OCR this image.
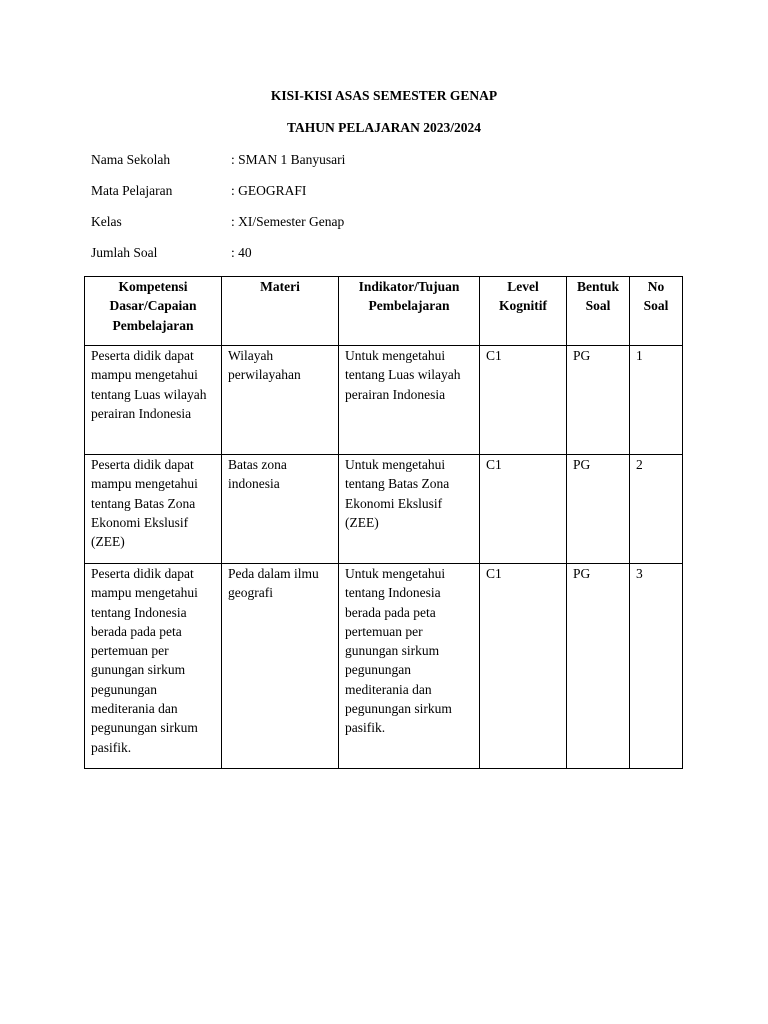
KISI-KISI ASAS SEMESTER GENAP
TAHUN PELAJARAN 2023/2024
Nama Sekolah	: SMAN 1 Banyusari
Mata Pelajaran	: GEOGRAFI
Kelas	: XI/Semester Genap
Jumlah Soal	: 40
Kompetensi Dasar/Capaian Pembelajaran	Materi	Indikator/Tujuan Pembelajaran	Level Kognitif	Bentuk Soal	No Soal
Peserta didik dapat mampu mengetahui tentang Luas wilayah perairan Indonesia	Wilayah perwilayahan	Untuk mengetahui tentang Luas wilayah perairan Indonesia	C1	PG	1
Peserta didik dapat mampu mengetahui tentang Batas Zona Ekonomi Ekslusif (ZEE)	Batas zona indonesia	Untuk mengetahui tentang Batas Zona Ekonomi Ekslusif (ZEE)	C1	PG	2
Peserta didik dapat mampu mengetahui tentang Indonesia berada pada peta pertemuan per gunungan sirkum pegunungan mediterania dan pegunungan sirkum pasifik.	Peda dalam ilmu geografi	Untuk mengetahui tentang Indonesia berada pada peta pertemuan per gunungan sirkum pegunungan mediterania dan pegunungan sirkum pasifik.	C1	PG	3
